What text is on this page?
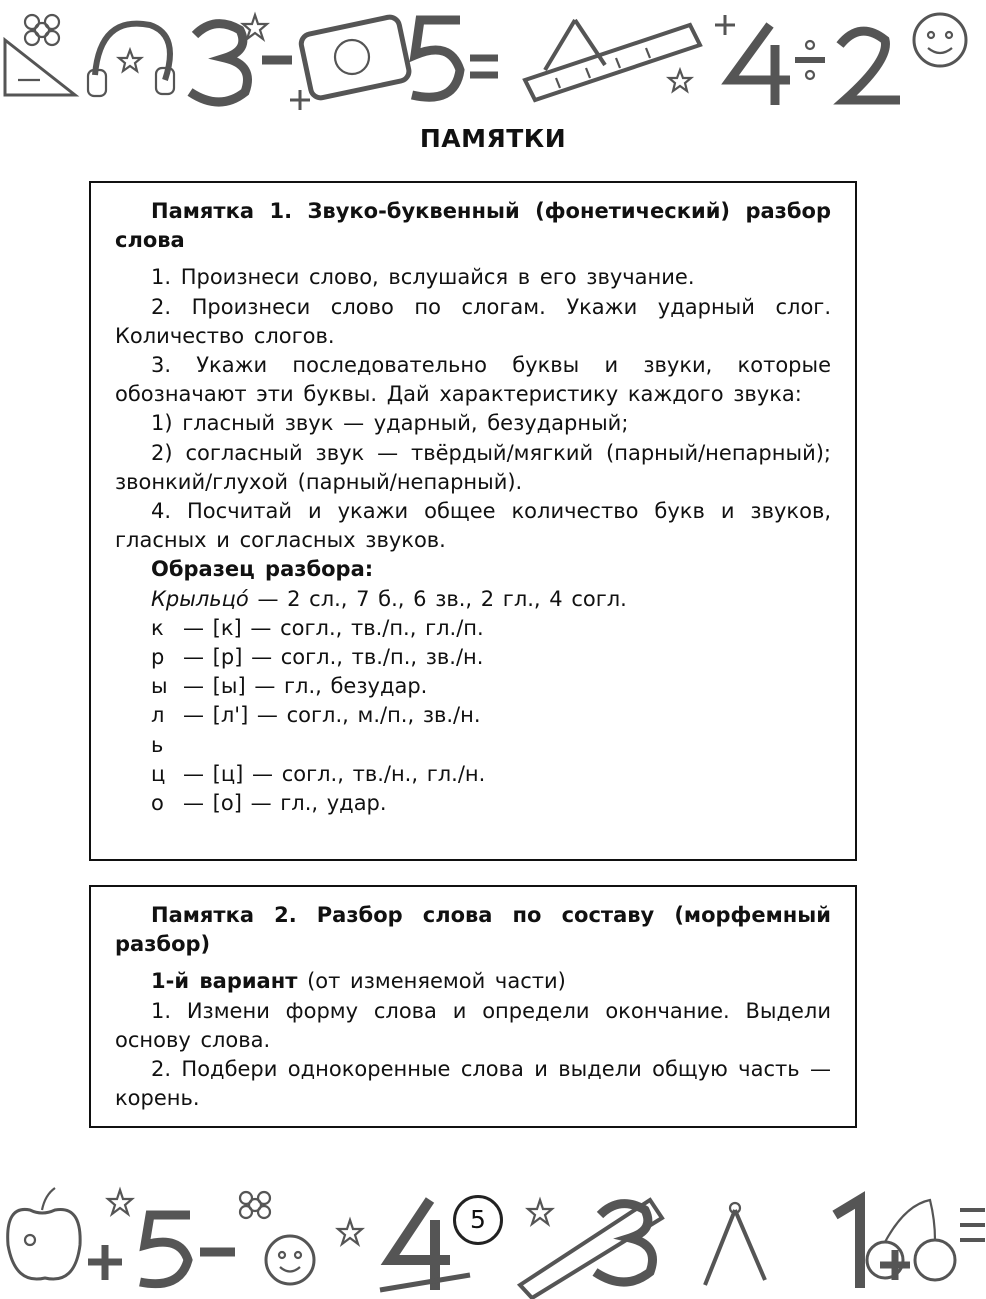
ПАМЯТКИ

Памятка 1. Звуко-буквенный (фонетический) разбор слова

1. Произнеси слово, вслушайся в его звучание.

2. Произнеси слово по слогам. Укажи ударный слог. Количество слогов.

3. Укажи последовательно буквы и звуки, которые обозначают эти буквы. Дай характеристику каждого звука:

1) гласный звук — ударный, безударный;

2) согласный звук — твёрдый/мягкий (парный/непарный); звонкий/глухой (парный/непарный).

4. Посчитай и укажи общее количество букв и звуков, гласных и согласных звуков.

Образец разбора:

Крыльцо́ — 2 сл., 7 б., 6 зв., 2 гл., 4 согл.

к — [к] — согл., тв./п., гл./п.

р — [р] — согл., тв./п., зв./н.

ы — [ы] — гл., безудар.

л — [л'] — согл., м./п., зв./н.

ь

ц — [ц] — согл., тв./н., гл./н.

о — [о] — гл., удар.

Памятка 2. Разбор слова по составу (морфемный разбор)

1-й вариант (от изменяемой части)

1. Измени форму слова и определи окончание. Выдели основу слова.

2. Подбери однокоренные слова и выдели общую часть — корень.

5
